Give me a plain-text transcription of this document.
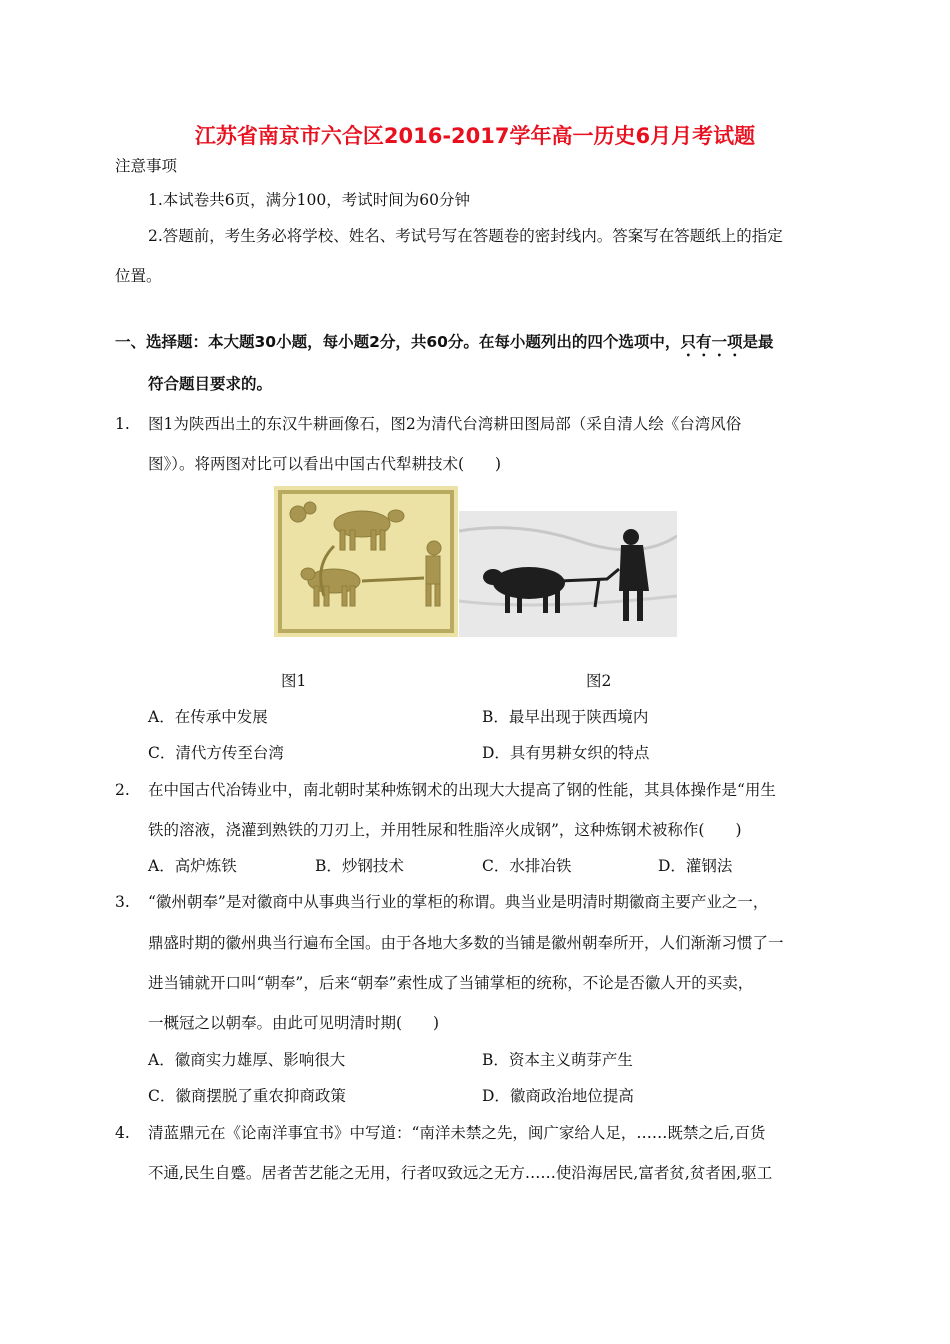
江苏省南京市六合区2016-2017学年高一历史6月月考试题
注意事项
1.本试卷共6页，满分100，考试时间为60分钟
2.答题前，考生务必将学校、姓名、考试号写在答题卷的密封线内。答案写在答题纸上的指定
位置。
一、选择题：本大题30小题，每小题2分，共60分。在每小题列出的四个选项中，只有一项是最
符合题目要求的。
1. 图1为陕西出土的东汉牛耕画像石，图2为清代台湾耕田图局部（采自清人绘《台湾风俗
图》）。将两图对比可以看出中国古代犁耕技术(　　)
图1	图2
A．在传承中发展	B．最早出现于陕西境内
C．清代方传至台湾	D．具有男耕女织的特点
2. 在中国古代冶铸业中，南北朝时某种炼钢术的出现大大提高了钢的性能，其具体操作是“用生
铁的溶液，浇灌到熟铁的刀刃上，并用牲尿和牲脂淬火成钢”，这种炼钢术被称作(　　)
A．高炉炼铁	B．炒钢技术	C．水排冶铁	D．灌钢法
3. “徽州朝奉”是对徽商中从事典当行业的掌柜的称谓。典当业是明清时期徽商主要产业之一，
鼎盛时期的徽州典当行遍布全国。由于各地大多数的当铺是徽州朝奉所开，人们渐渐习惯了一
进当铺就开口叫“朝奉”，后来“朝奉”索性成了当铺掌柜的统称，不论是否徽人开的买卖，
一概冠之以朝奉。由此可见明清时期(　　)
A．徽商实力雄厚、影响很大	B．资本主义萌芽产生
C．徽商摆脱了重农抑商政策	D．徽商政治地位提高
4. 清蓝鼎元在《论南洋事宜书》中写道：“南洋未禁之先，闽广家给人足，……既禁之后,百货
不通,民生自蹙。居者苦艺能之无用，行者叹致远之无方……使沿海居民,富者贫,贫者困,驱工
